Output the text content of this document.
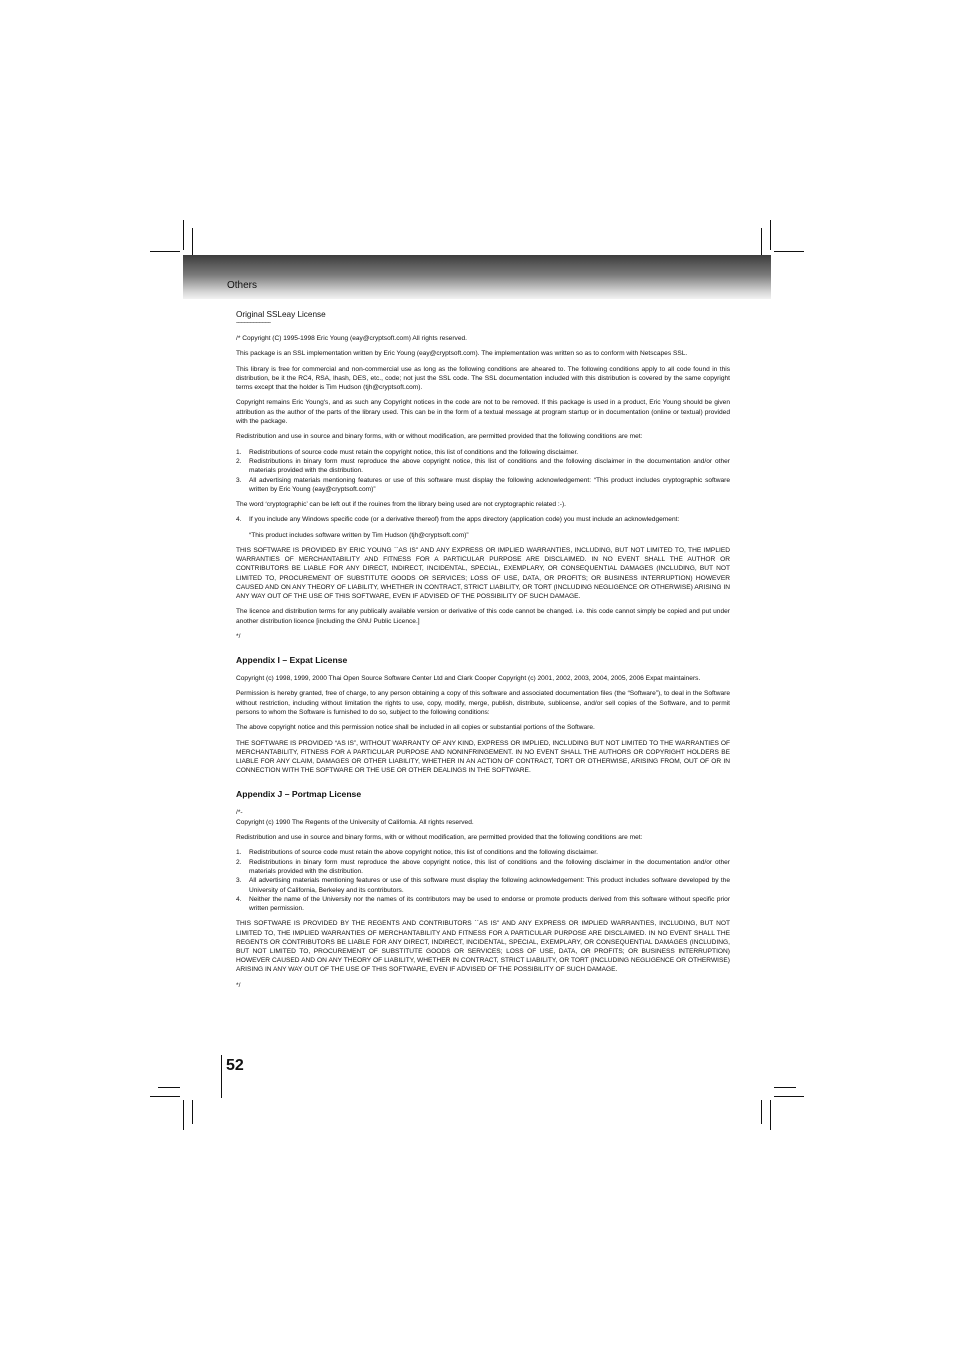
Others

Original SSLeay License

-----------------------

/* Copyright (C) 1995-1998 Eric Young (eay@cryptsoft.com) All rights reserved.

This package is an SSL implementation written by Eric Young (eay@cryptsoft.com). The implementation was written so as to conform with Netscapes SSL.

This library is free for commercial and non-commercial use as long as the following conditions are aheared to. The following conditions apply to all code found in this distribution, be it the RC4, RSA, lhash, DES, etc., code; not just the SSL code. The SSL documentation included with this distribution is covered by the same copyright terms except that the holder is Tim Hudson (tjh@cryptsoft.com).

Copyright remains Eric Young's, and as such any Copyright notices in the code are not to be removed. If this package is used in a product, Eric Young should be given attribution as the author of the parts of the library used. This can be in the form of a textual message at program startup or in documentation (online or textual) provided with the package.

Redistribution and use in source and binary forms, with or without modification, are permitted provided that the following conditions are met:

1. Redistributions of source code must retain the copyright notice, this list of conditions and the following disclaimer.
2. Redistributions in binary form must reproduce the above copyright notice, this list of conditions and the following disclaimer in the documentation and/or other materials provided with the distribution.
3. All advertising materials mentioning features or use of this software must display the following acknowledgement: “This product includes cryptographic software written by Eric Young (eay@cryptsoft.com)”

The word ‘cryptographic’ can be left out if the rouines from the library being used are not cryptographic related :-).

4. If you include any Windows specific code (or a derivative thereof) from the apps directory (application code) you must include an acknowledgement:

“This product includes software written by Tim Hudson (tjh@cryptsoft.com)”

THIS SOFTWARE IS PROVIDED BY ERIC YOUNG ``AS IS'' AND ANY EXPRESS OR IMPLIED WARRANTIES, INCLUDING, BUT NOT LIMITED TO, THE IMPLIED WARRANTIES OF MERCHANTABILITY AND FITNESS FOR A PARTICULAR PURPOSE ARE DISCLAIMED. IN NO EVENT SHALL THE AUTHOR OR CONTRIBUTORS BE LIABLE FOR ANY DIRECT, INDIRECT, INCIDENTAL, SPECIAL, EXEMPLARY, OR CONSEQUENTIAL DAMAGES (INCLUDING, BUT NOT LIMITED TO, PROCUREMENT OF SUBSTITUTE GOODS OR SERVICES; LOSS OF USE, DATA, OR PROFITS; OR BUSINESS INTERRUPTION) HOWEVER CAUSED AND ON ANY THEORY OF LIABILITY, WHETHER IN CONTRACT, STRICT LIABILITY, OR TORT (INCLUDING NEGLIGENCE OR OTHERWISE) ARISING IN ANY WAY OUT OF THE USE OF THIS SOFTWARE, EVEN IF ADVISED OF THE POSSIBILITY OF SUCH DAMAGE.

The licence and distribution terms for any publically available version or derivative of this code cannot be changed. i.e. this code cannot simply be copied and put under another distribution licence [including the GNU Public Licence.]

*/

Appendix I – Expat License

Copyright (c) 1998, 1999, 2000 Thai Open Source Software Center Ltd and Clark Cooper Copyright (c) 2001, 2002, 2003, 2004, 2005, 2006 Expat maintainers.

Permission is hereby granted, free of charge, to any person obtaining a copy of this software and associated documentation files (the “Software”), to deal in the Software without restriction, including without limitation the rights to use, copy, modify, merge, publish, distribute, sublicense, and/or sell copies of the Software, and to permit persons to whom the Software is furnished to do so, subject to the following conditions:

The above copyright notice and this permission notice shall be included in all copies or substantial portions of the Software.

THE SOFTWARE IS PROVIDED “AS IS”, WITHOUT WARRANTY OF ANY KIND, EXPRESS OR IMPLIED, INCLUDING BUT NOT LIMITED TO THE WARRANTIES OF MERCHANTABILITY, FITNESS FOR A PARTICULAR PURPOSE AND NONINFRINGEMENT. IN NO EVENT SHALL THE AUTHORS OR COPYRIGHT HOLDERS BE LIABLE FOR ANY CLAIM, DAMAGES OR OTHER LIABILITY, WHETHER IN AN ACTION OF CONTRACT, TORT OR OTHERWISE, ARISING FROM, OUT OF OR IN CONNECTION WITH THE SOFTWARE OR THE USE OR OTHER DEALINGS IN THE SOFTWARE.

Appendix J – Portmap License

/*-

Copyright (c) 1990 The Regents of the University of California. All rights reserved.

Redistribution and use in source and binary forms, with or without modification, are permitted provided that the following conditions are met:

1. Redistributions of source code must retain the above copyright notice, this list of conditions and the following disclaimer.
2. Redistributions in binary form must reproduce the above copyright notice, this list of conditions and the following disclaimer in the documentation and/or other materials provided with the distribution.
3. All advertising materials mentioning features or use of this software must display the following acknowledgement: This product includes software developed by the University of California, Berkeley and its contributors.
4. Neither the name of the University nor the names of its contributors may be used to endorse or promote products derived from this software without specific prior written permission.

THIS SOFTWARE IS PROVIDED BY THE REGENTS AND CONTRIBUTORS ``AS IS'' AND ANY EXPRESS OR IMPLIED WARRANTIES, INCLUDING, BUT NOT LIMITED TO, THE IMPLIED WARRANTIES OF MERCHANTABILITY AND FITNESS FOR A PARTICULAR PURPOSE ARE DISCLAIMED. IN NO EVENT SHALL THE REGENTS OR CONTRIBUTORS BE LIABLE FOR ANY DIRECT, INDIRECT, INCIDENTAL, SPECIAL, EXEMPLARY, OR CONSEQUENTIAL DAMAGES (INCLUDING, BUT NOT LIMITED TO, PROCUREMENT OF SUBSTITUTE GOODS OR SERVICES; LOSS OF USE, DATA, OR PROFITS; OR BUSINESS INTERRUPTION) HOWEVER CAUSED AND ON ANY THEORY OF LIABILITY, WHETHER IN CONTRACT, STRICT LIABILITY, OR TORT (INCLUDING NEGLIGENCE OR OTHERWISE) ARISING IN ANY WAY OUT OF THE USE OF THIS SOFTWARE, EVEN IF ADVISED OF THE POSSIBILITY OF SUCH DAMAGE.

*/

52
